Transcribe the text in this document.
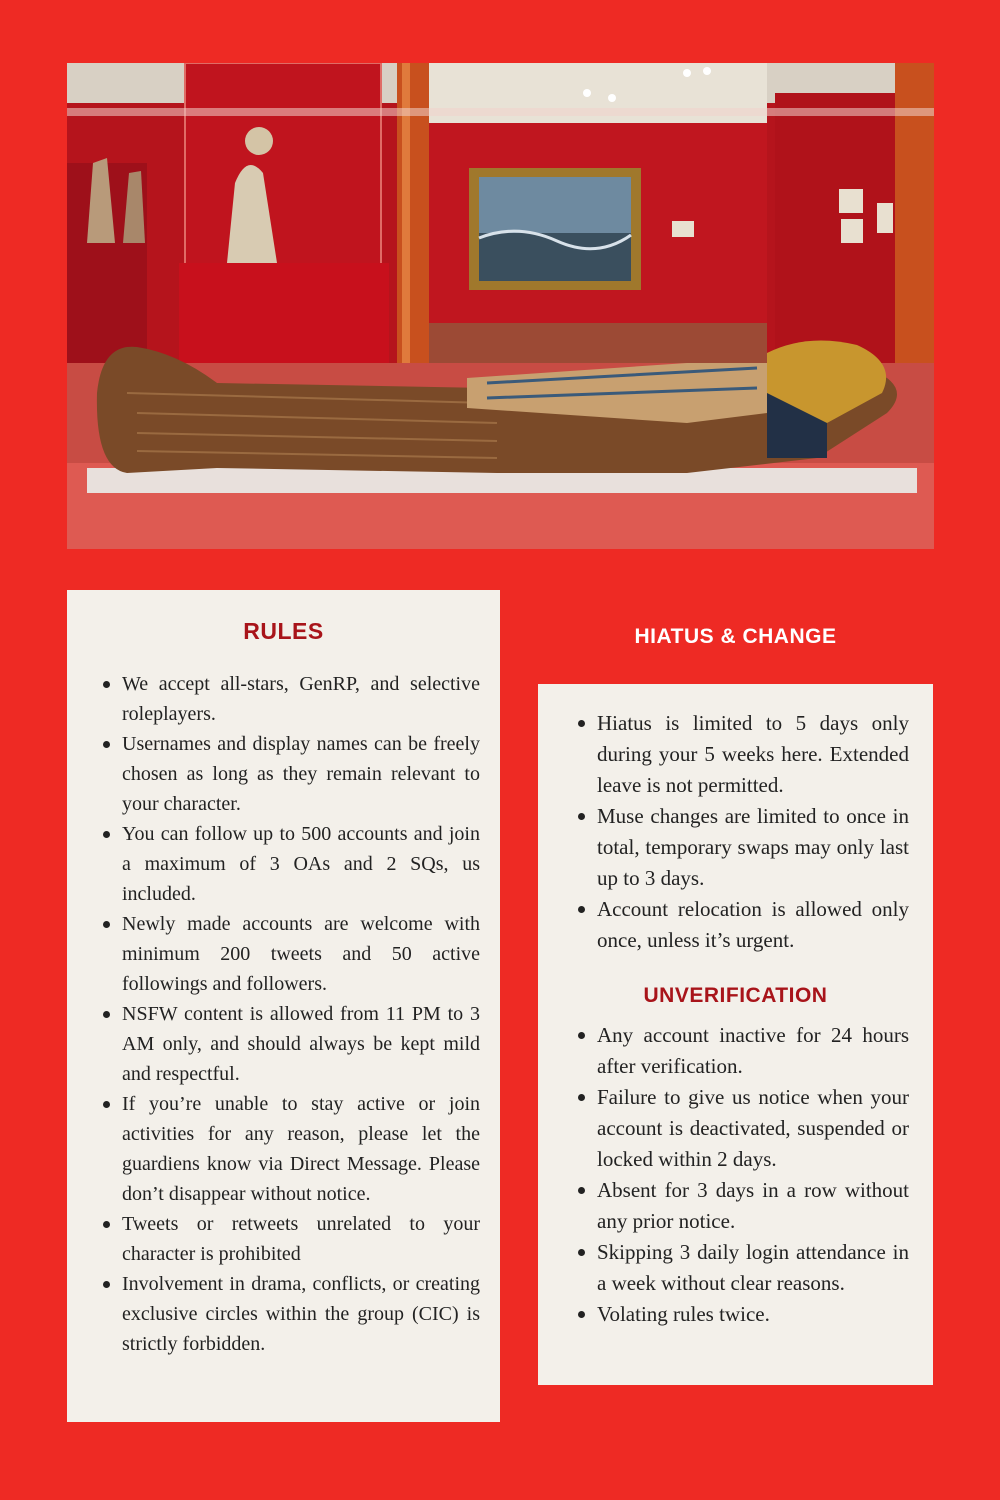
RULES
We accept all-stars, GenRP, and selective roleplayers.
Usernames and display names can be freely chosen as long as they remain relevant to your character.
You can follow up to 500 accounts and join a maximum of 3 OAs and 2 SQs, us included.
Newly made accounts are welcome with minimum 200 tweets and 50 active followings and followers.
NSFW content is allowed from 11 PM to 3 AM only, and should always be kept mild and respectful.
If you’re unable to stay active or join activities for any reason, please let the guardiens know via Direct Message. Please don’t disappear without notice.
Tweets or retweets unrelated to your character is prohibited
Involvement in drama, conflicts, or creating exclusive circles within the group (CIC) is strictly forbidden.
HIATUS & CHANGE
Hiatus is limited to 5 days only during your 5 weeks here. Extended leave is not permitted.
Muse changes are limited to once in total, temporary swaps may only last up to 3 days.
Account relocation is allowed only once, unless it’s urgent.
UNVERIFICATION
Any account inactive for 24 hours after verification.
Failure to give us notice when your account is deactivated, suspended or locked within 2 days.
Absent for 3 days in a row without any prior notice.
Skipping 3 daily login attendance in a week without clear reasons.
Volating rules twice.
